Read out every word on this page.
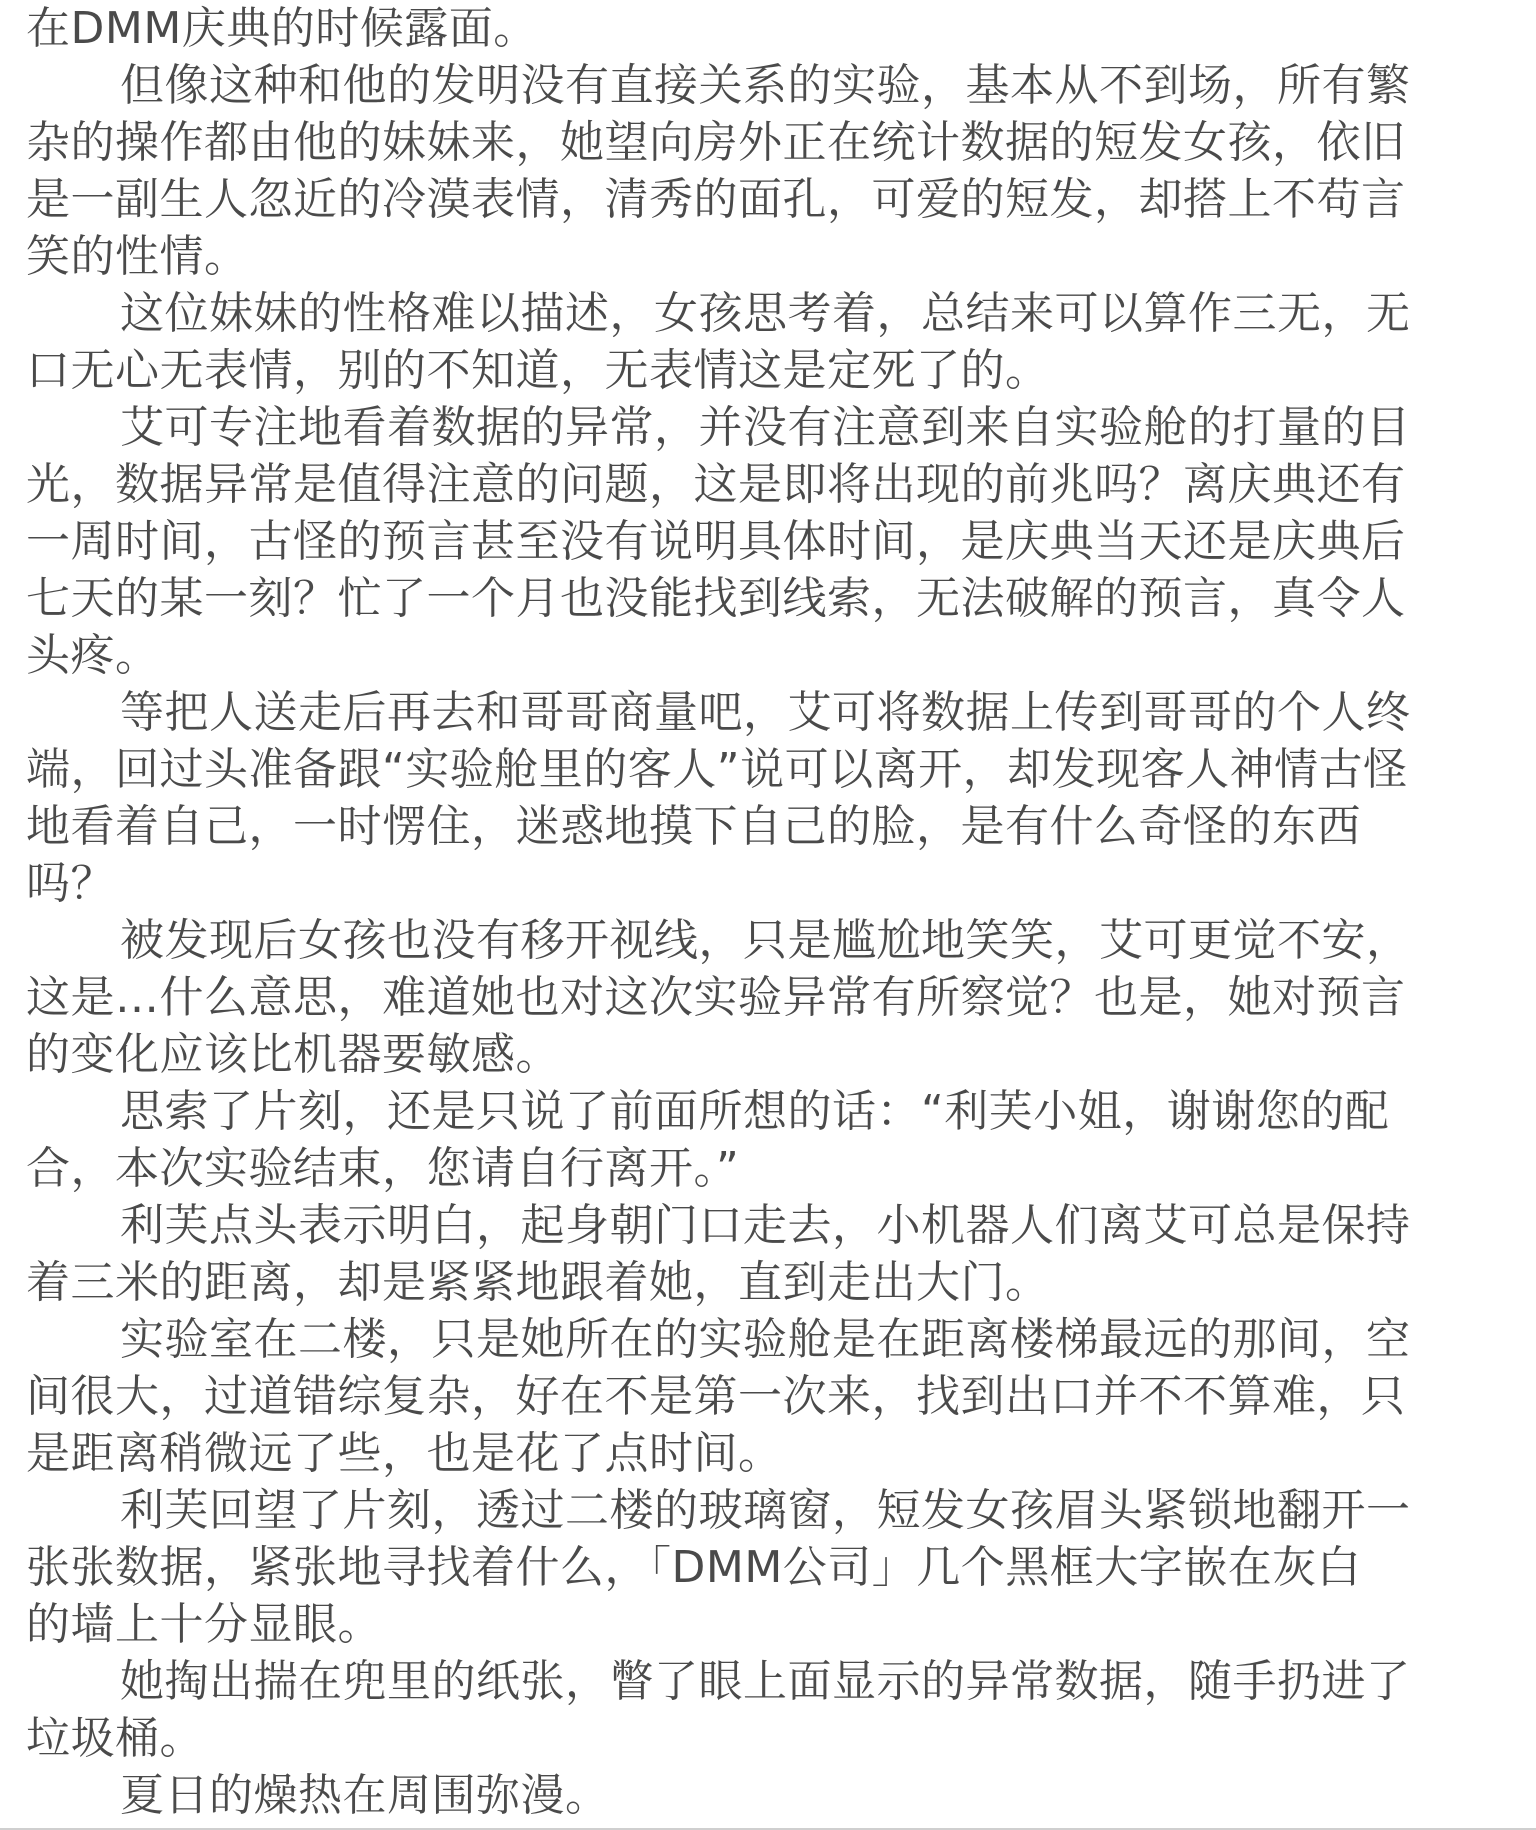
在DMM庆典的时候露面。

但像这种和他的发明没有直接关系的实验，基本从不到场，所有繁

杂的操作都由他的妹妹来，她望向房外正在统计数据的短发女孩，依旧

是一副生人忽近的冷漠表情，清秀的面孔，可爱的短发，却搭上不苟言

笑的性情。

这位妹妹的性格难以描述，女孩思考着，总结来可以算作三无，无

口无心无表情，别的不知道，无表情这是定死了的。

艾可专注地看着数据的异常，并没有注意到来自实验舱的打量的目

光，数据异常是值得注意的问题，这是即将出现的前兆吗？离庆典还有

一周时间，古怪的预言甚至没有说明具体时间，是庆典当天还是庆典后

七天的某一刻？忙了一个月也没能找到线索，无法破解的预言，真令人

头疼。

等把人送走后再去和哥哥商量吧，艾可将数据上传到哥哥的个人终

端，回过头准备跟“实验舱里的客人”说可以离开，却发现客人神情古怪

地看着自己，一时愣住，迷惑地摸下自己的脸，是有什么奇怪的东西

吗？

被发现后女孩也没有移开视线，只是尴尬地笑笑，艾可更觉不安，

这是…什么意思，难道她也对这次实验异常有所察觉？也是，她对预言

的变化应该比机器要敏感。

思索了片刻，还是只说了前面所想的话：“利芙小姐，谢谢您的配

合，本次实验结束，您请自行离开。”

利芙点头表示明白，起身朝门口走去，小机器人们离艾可总是保持

着三米的距离，却是紧紧地跟着她，直到走出大门。

实验室在二楼，只是她所在的实验舱是在距离楼梯最远的那间，空

间很大，过道错综复杂，好在不是第一次来，找到出口并不不算难，只

是距离稍微远了些，也是花了点时间。

利芙回望了片刻，透过二楼的玻璃窗，短发女孩眉头紧锁地翻开一

张张数据，紧张地寻找着什么，「DMM公司」几个黑框大字嵌在灰白

的墙上十分显眼。

她掏出揣在兜里的纸张，瞥了眼上面显示的异常数据，随手扔进了

垃圾桶。

夏日的燥热在周围弥漫。
